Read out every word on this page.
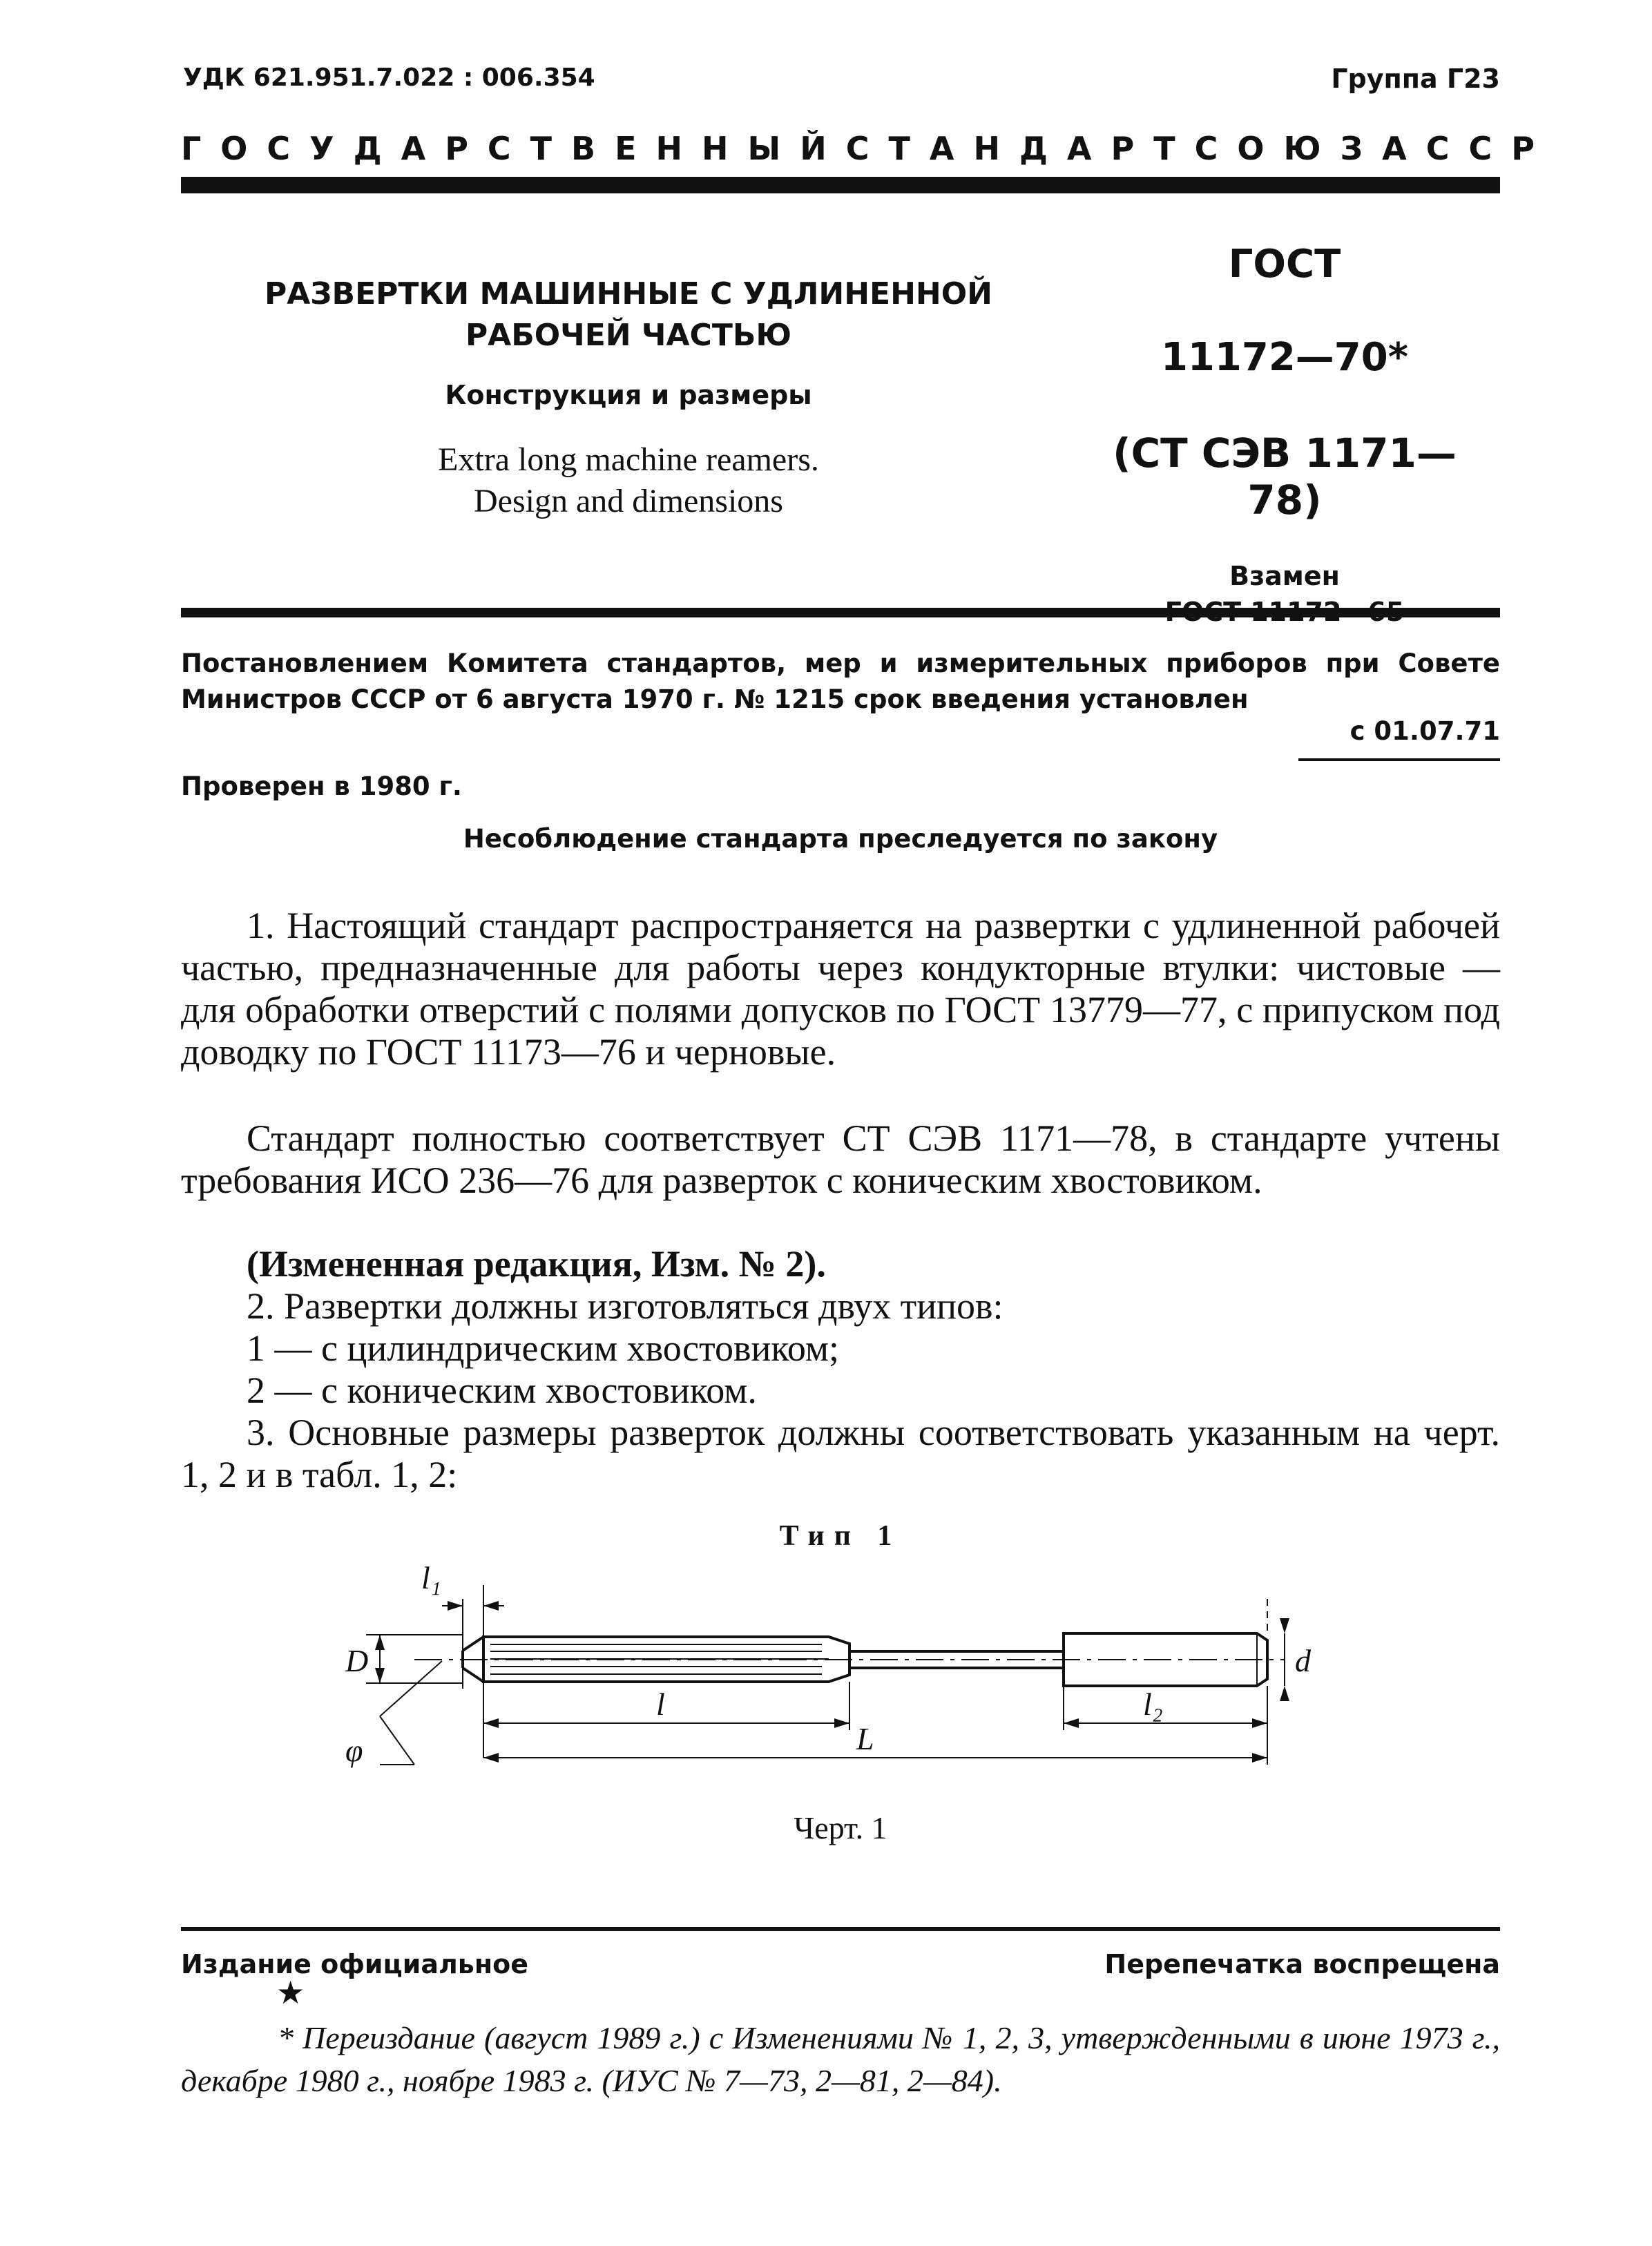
УДК 621.951.7.022 : 006.354	Группа Г23
ГОСУДАРСТВЕННЫЙ СТАНДАРТ СОЮЗА ССР
РАЗВЕРТКИ МАШИННЫЕ С УДЛИНЕННОЙ
РАБОЧЕЙ ЧАСТЬЮ
Конструкция и размеры
Extra long machine reamers.
Design and dimensions
ГОСТ
11172—70*
(СТ СЭВ 1171—78)
Взамен
Постановлением Комитета стандартов, мер и измерительных приборов при Совете Министров СССР от 6 августа 1970 г. № 1215 срок введения установлен
с 01.07.71
Проверен в 1980 г.
Несоблюдение стандарта преследуется по закону
1. Настоящий стандарт распространяется на развертки с удлиненной рабочей частью, предназначенные для работы через кондукторные втулки: чистовые — для обработки отверстий с полями допусков по ГОСТ 13779—77, с припуском под доводку по ГОСТ 11173—76 и черновые.
Стандарт полностью соответствует СТ СЭВ 1171—78, в стандарте учтены требования ИСО 236—76 для разверток с коническим хвостовиком.
(Измененная редакция, Изм. № 2).
2. Развертки должны изготовляться двух типов:
1 — с цилиндрическим хвостовиком;
2 — с коническим хвостовиком.
3. Основные размеры разверток должны соответствовать указанным на черт. 1, 2 и в табл. 1, 2:
Тип 1
l₁
D
φ
l
L
l₂
d
Черт. 1
Издание официальное	Перепечатка воспрещена
★
* Переиздание (август 1989 г.) с Изменениями № 1, 2, 3, утвержденными в июне 1973 г., декабре 1980 г., ноябре 1983 г. (ИУС № 7—73, 2—81, 2—84).
